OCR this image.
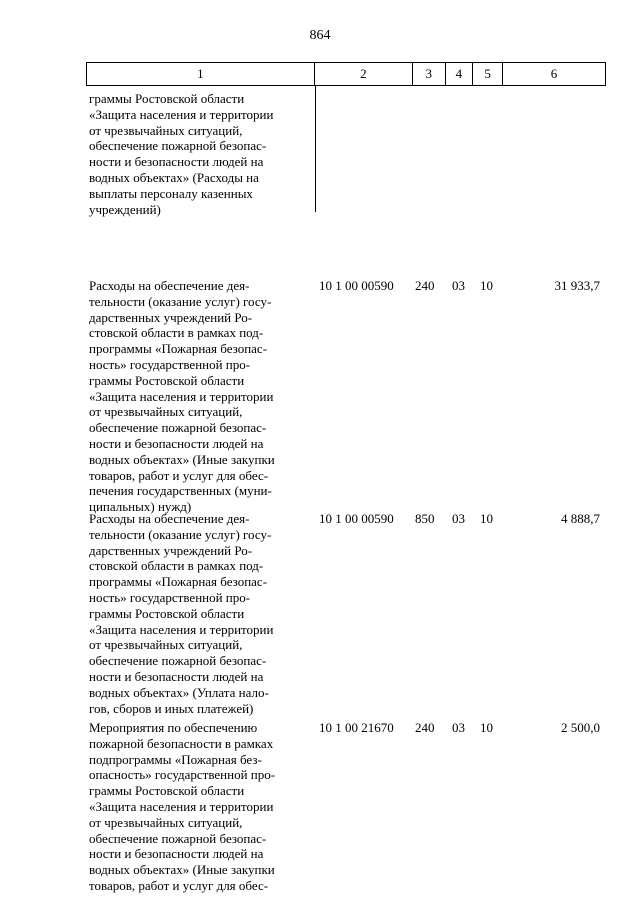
864
1	2	3	4	5	6
граммы Ростовской области
«Защита населения и территории
от чрезвычайных ситуаций,
обеспечение пожарной безопас-
ности и безопасности людей на
водных объектах» (Расходы на
выплаты персоналу казенных
учреждений)
Расходы на обеспечение дея-
тельности (оказание услуг) госу-
дарственных учреждений Ро-
стовской области в рамках под-
программы «Пожарная безопас-
ность» государственной про-
граммы Ростовской области
«Защита населения и территории
от чрезвычайных ситуаций,
обеспечение пожарной безопас-
ности и безопасности людей на
водных объектах» (Иные закупки
товаров, работ и услуг для обес-
печения государственных (муни-
ципальных) нужд)
10 1 00 00590 240 03 10	31 933,7
Расходы на обеспечение дея-
тельности (оказание услуг) госу-
дарственных учреждений Ро-
стовской области в рамках под-
программы «Пожарная безопас-
ность» государственной про-
граммы Ростовской области
«Защита населения и территории
от чрезвычайных ситуаций,
обеспечение пожарной безопас-
ности и безопасности людей на
водных объектах» (Уплата нало-
гов, сборов и иных платежей)
10 1 00 00590 850 03 10	4 888,7
Мероприятия по обеспечению
пожарной безопасности в рамках
подпрограммы «Пожарная без-
опасность» государственной про-
граммы Ростовской области
«Защита населения и территории
от чрезвычайных ситуаций,
обеспечение пожарной безопас-
ности и безопасности людей на
водных объектах» (Иные закупки
товаров, работ и услуг для обес-
10 1 00 21670 240 03 10	2 500,0
